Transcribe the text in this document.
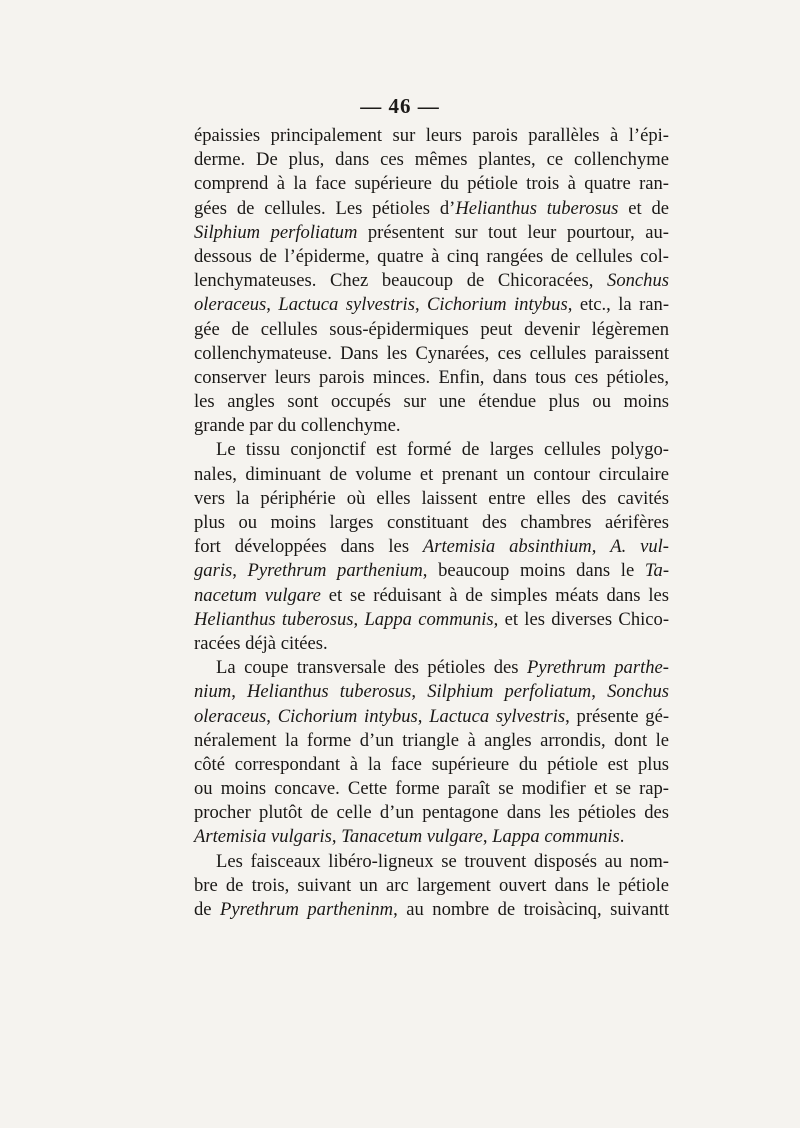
— 46 —
épaissies principalement sur leurs parois parallèles à l’épi-
derme. De plus, dans ces mêmes plantes, ce collenchyme
comprend à la face supérieure du pétiole trois à quatre ran-
gées de cellules. Les pétioles d’Helianthus tuberosus et de
Silphium perfoliatum présentent sur tout leur pourtour, au-
dessous de l’épiderme, quatre à cinq rangées de cellules col-
lenchymateuses. Chez beaucoup de Chicoracées, Sonchus
oleraceus, Lactuca sylvestris, Cichorium intybus, etc., la ran-
gée de cellules sous-épidermiques peut devenir légèremen
collenchymateuse. Dans les Cynarées, ces cellules paraissent
conserver leurs parois minces. Enfin, dans tous ces pétioles,
les angles sont occupés sur une étendue plus ou moins
grande par du collenchyme.
Le tissu conjonctif est formé de larges cellules polygo-
nales, diminuant de volume et prenant un contour circulaire
vers la périphérie où elles laissent entre elles des cavités
plus ou moins larges constituant des chambres aérifères
fort développées dans les Artemisia absinthium, A. vul-
garis, Pyrethrum parthenium, beaucoup moins dans le Ta-
nacetum vulgare et se réduisant à de simples méats dans les
Helianthus tuberosus, Lappa communis, et les diverses Chico-
racées déjà citées.
La coupe transversale des pétioles des Pyrethrum parthe-
nium, Helianthus tuberosus, Silphium perfoliatum, Sonchus
oleraceus, Cichorium intybus, Lactuca sylvestris, présente gé-
néralement la forme d’un triangle à angles arrondis, dont le
côté correspondant à la face supérieure du pétiole est plus
ou moins concave. Cette forme paraît se modifier et se rap-
procher plutôt de celle d’un pentagone dans les pétioles des
Artemisia vulgaris, Tanacetum vulgare, Lappa communis.
Les faisceaux libéro-ligneux se trouvent disposés au nom-
bre de trois, suivant un arc largement ouvert dans le pétiole
de Pyrethrum partheninm, au nombre de troisàcinq, suivantt
